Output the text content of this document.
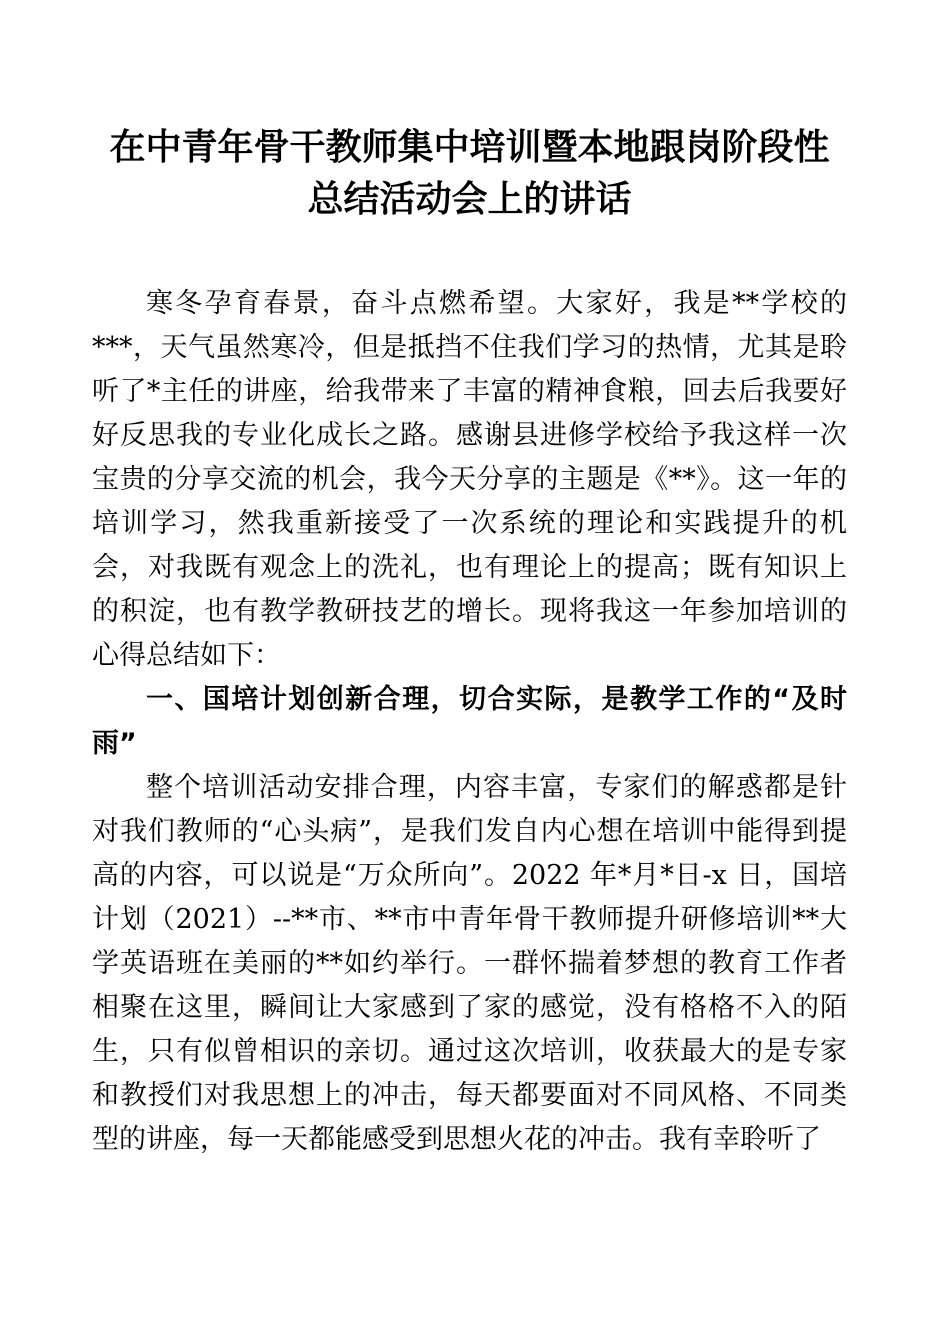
在中青年骨干教师集中培训暨本地跟岗阶段性
总结活动会上的讲话

寒冬孕育春景，奋斗点燃希望。大家好，我是**学校的***，天气虽然寒冷，但是抵挡不住我们学习的热情，尤其是聆听了*主任的讲座，给我带来了丰富的精神食粮，回去后我要好好反思我的专业化成长之路。感谢县进修学校给予我这样一次宝贵的分享交流的机会，我今天分享的主题是《**》。这一年的培训学习，然我重新接受了一次系统的理论和实践提升的机会，对我既有观念上的洗礼，也有理论上的提高；既有知识上的积淀，也有教学教研技艺的增长。现将我这一年参加培训的心得总结如下：

一、国培计划创新合理，切合实际，是教学工作的“及时雨”

整个培训活动安排合理，内容丰富，专家们的解惑都是针对我们教师的“心头病”，是我们发自内心想在培训中能得到提高的内容，可以说是“万众所向”。2022 年*月*日-x 日，国培计划（2021）--**市、**市中青年骨干教师提升研修培训**大学英语班在美丽的**如约举行。一群怀揣着梦想的教育工作者相聚在这里，瞬间让大家感到了家的感觉，没有格格不入的陌生，只有似曾相识的亲切。通过这次培训，收获最大的是专家和教授们对我思想上的冲击，每天都要面对不同风格、不同类型的讲座，每一天都能感受到思想火花的冲击。我有幸聆听了
